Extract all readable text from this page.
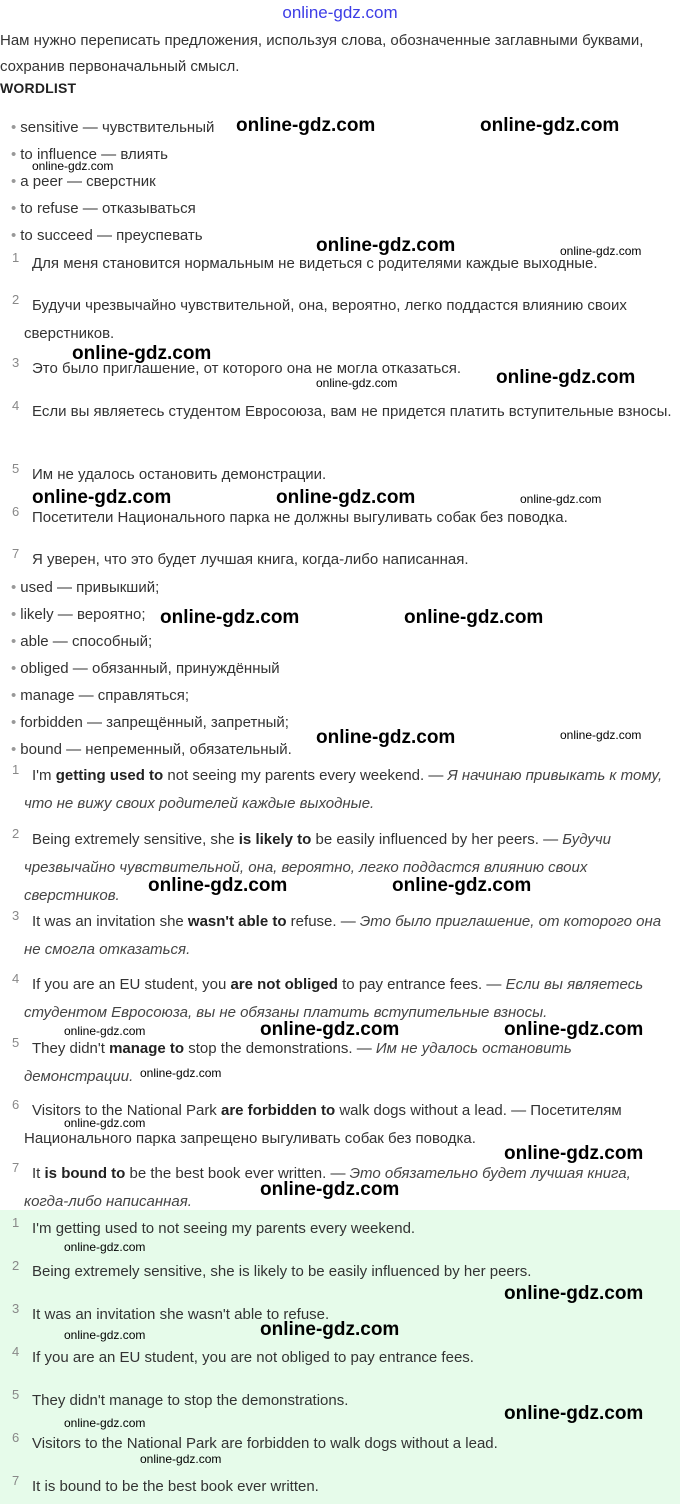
online-gdz.com
Нам нужно переписать предложения, используя слова, обозначенные заглавными буквами, сохранив первоначальный смысл.
WORDLIST
• sensitive — чувствительный
• to influence — влиять
• a peer — сверстник
• to refuse — отказываться
• to succeed — преуспевать
1 Для меня становится нормальным не видеться с родителями каждые выходные.
2 Будучи чрезвычайно чувствительной, она, вероятно, легко поддастся влиянию своих сверстников.
3 Это было приглашение, от которого она не могла отказаться.
4 Если вы являетесь студентом Евросоюза, вам не придется платить вступительные взносы.
5 Им не удалось остановить демонстрации.
6 Посетители Национального парка не должны выгуливать собак без поводка.
7 Я уверен, что это будет лучшая книга, когда-либо написанная.
• used — привыкший;
• likely — вероятно;
• able — способный;
• obliged — обязанный, принуждённый
• manage — справляться;
• forbidden — запрещённый, запретный;
• bound — непременный, обязательный.
1 I'm getting used to not seeing my parents every weekend. — Я начинаю привыкать к тому, что не вижу своих родителей каждые выходные.
2 Being extremely sensitive, she is likely to be easily influenced by her peers. — Будучи чрезвычайно чувствительной, она, вероятно, легко поддастся влиянию своих сверстников.
3 It was an invitation she wasn't able to refuse. — Это было приглашение, от которого она не смогла отказаться.
4 If you are an EU student, you are not obliged to pay entrance fees. — Если вы являетесь студентом Евросоюза, вы не обязаны платить вступительные взносы.
5 They didn't manage to stop the demonstrations. — Им не удалось остановить демонстрации.
6 Visitors to the National Park are forbidden to walk dogs without a lead. — Посетителям Национального парка запрещено выгуливать собак без поводка.
7 It is bound to be the best book ever written. — Это обязательно будет лучшая книга, когда-либо написанная.
1 I'm getting used to not seeing my parents every weekend.
2 Being extremely sensitive, she is likely to be easily influenced by her peers.
3 It was an invitation she wasn't able to refuse.
4 If you are an EU student, you are not obliged to pay entrance fees.
5 They didn't manage to stop the demonstrations.
6 Visitors to the National Park are forbidden to walk dogs without a lead.
7 It is bound to be the best book ever written.
online-gdz.com	online-gdz.com
online-gdz.com
online-gdz.com	online-gdz.com
online-gdz.com
online-gdz.com	online-gdz.com
online-gdz.com	online-gdz.com	online-gdz.com
online-gdz.com	online-gdz.com
online-gdz.com	online-gdz.com
online-gdz.com	online-gdz.com
online-gdz.com	online-gdz.com	online-gdz.com
online-gdz.com
online-gdz.com
online-gdz.com
online-gdz.com
online-gdz.com
online-gdz.com
online-gdz.com	online-gdz.com
online-gdz.com	online-gdz.com
online-gdz.com
